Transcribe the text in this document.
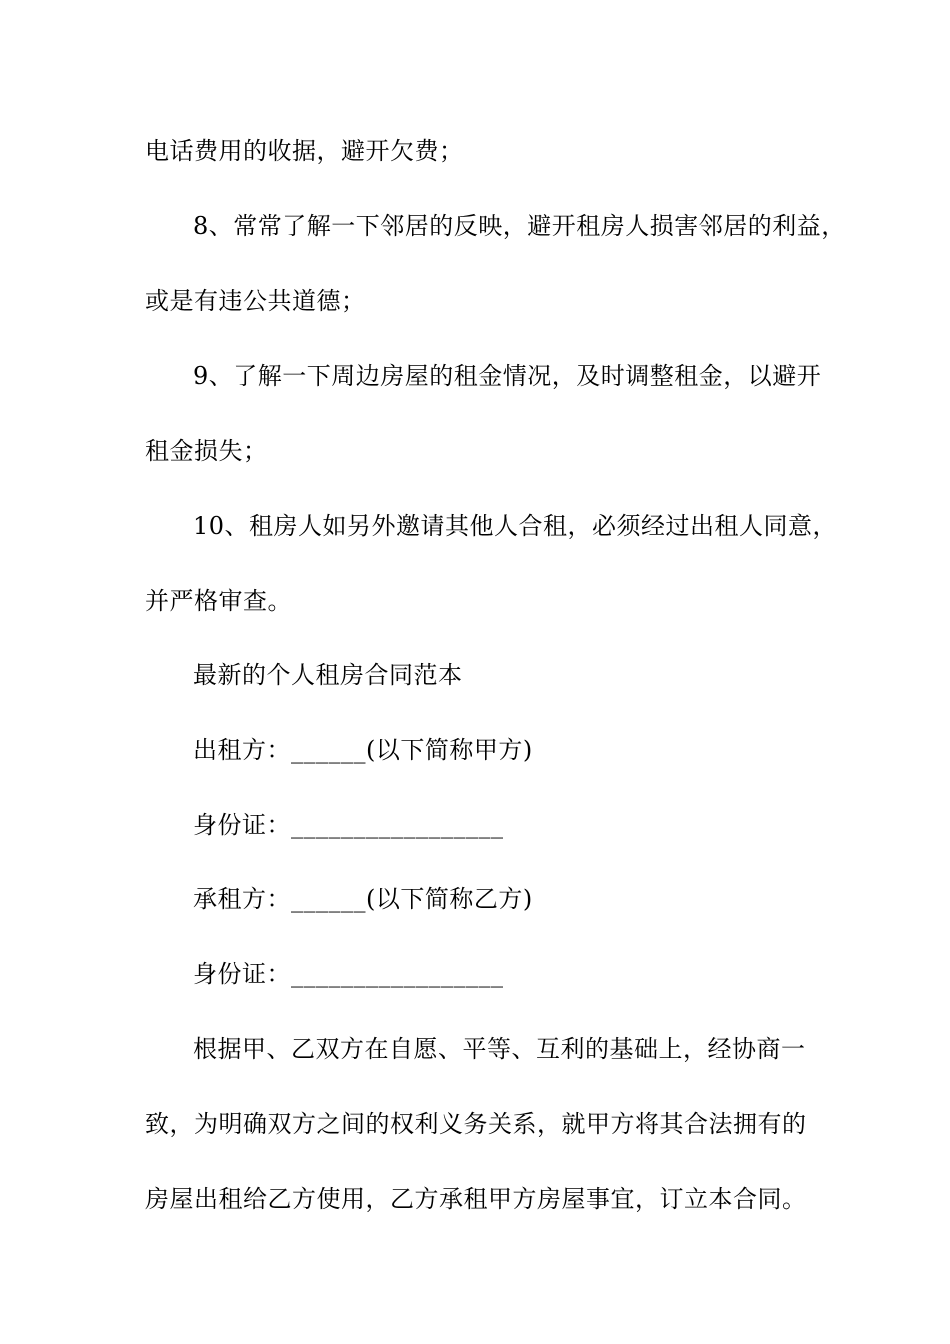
电话费用的收据，避开欠费；
8、常常了解一下邻居的反映，避开租房人损害邻居的利益，
或是有违公共道德；
9、了解一下周边房屋的租金情况，及时调整租金，以避开
租金损失；
10、租房人如另外邀请其他人合租，必须经过出租人同意，
并严格审查。
最新的个人租房合同范本
出租方：______(以下简称甲方)
身份证：_________________
承租方：______(以下简称乙方)
身份证：_________________
根据甲、乙双方在自愿、平等、互利的基础上，经协商一
致，为明确双方之间的权利义务关系，就甲方将其合法拥有的
房屋出租给乙方使用，乙方承租甲方房屋事宜，订立本合同。
